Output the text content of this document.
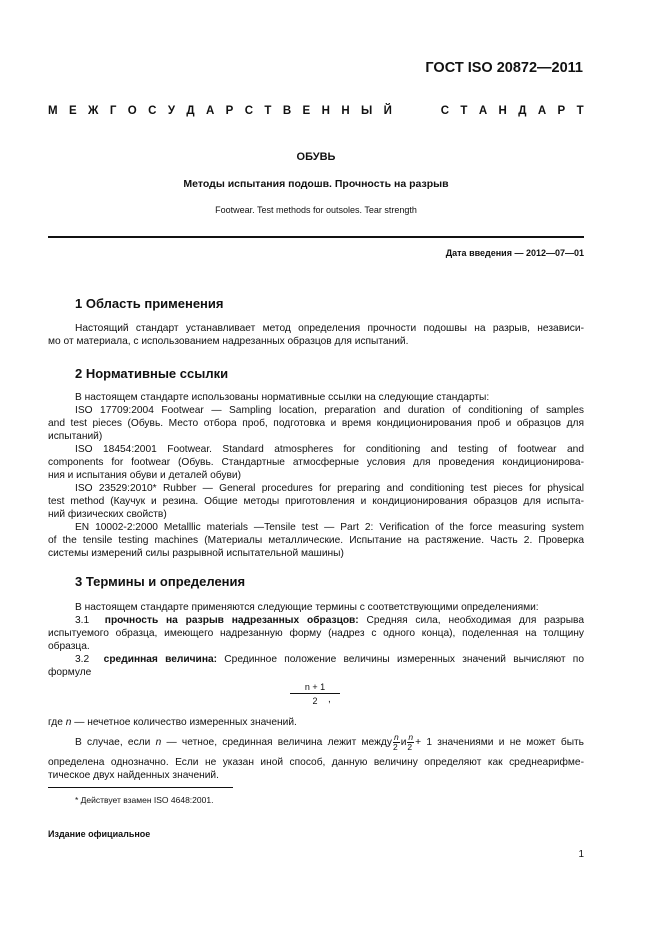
ГОСТ ISO 20872—2011
М Е Ж Г О С У Д А Р С Т В Е Н Н Ы Й	С Т А Н Д А Р Т
ОБУВЬ
Методы испытания подошв. Прочность на разрыв
Footwear. Test methods for outsoles. Tear strength
Дата введения — 2012—07—01
1 Область применения
Настоящий стандарт устанавливает метод определения прочности подошвы на разрыв, независи-
мо от материала, с использованием надрезанных образцов для испытаний.
2 Нормативные ссылки
В настоящем стандарте использованы нормативные ссылки на следующие стандарты:
ISO 17709:2004 Footwear — Sampling location, preparation and duration of conditioning of samples
and test pieces (Обувь. Место отбора проб, подготовка и время кондиционирования проб и образцов для
испытаний)
ISO 18454:2001 Footwear. Standard atmospheres for conditioning and testing of footwear and
components for footwear (Обувь. Стандартные атмосферные условия для проведения кондиционирова-
ния и испытания обуви и деталей обуви)
ISO 23529:2010* Rubber — General procedures for preparing and conditioning test pieces for physical
test method (Каучук и резина. Общие методы приготовления и кондиционирования образцов для испыта-
ний физических свойств)
EN 10002-2:2000 Metalllic materials —Tensile test — Part 2: Verification of the force measuring system
of the tensile testing machines (Материалы металлические. Испытание на растяжение. Часть 2. Проверка
системы измерений силы разрывной испытательной машины)
3 Термины и определения
В настоящем стандарте применяются следующие термины с соответствующими определениями:
3.1 прочность на разрыв надрезанных образцов: Средняя сила, необходимая для разрыва
испытуемого образца, имеющего надрезанную форму (надрез с одного конца), поделенная на толщину
образца.
3.2 срединная величина: Срединное положение величины измеренных значений вычисляют по
формуле
n + 1
2	,
где n — нечетное количество измеренных значений.
В случае, если n — четное, срединная величина лежит между $\frac{n}{2}$ и $\frac{n}{2} + 1$ значениями и не может быть
определена однозначно. Если не указан иной способ, данную величину определяют как среднеарифме-
тическое двух найденных значений.
* Действует взамен ISO 4648:2001.
Издание официальное
1
